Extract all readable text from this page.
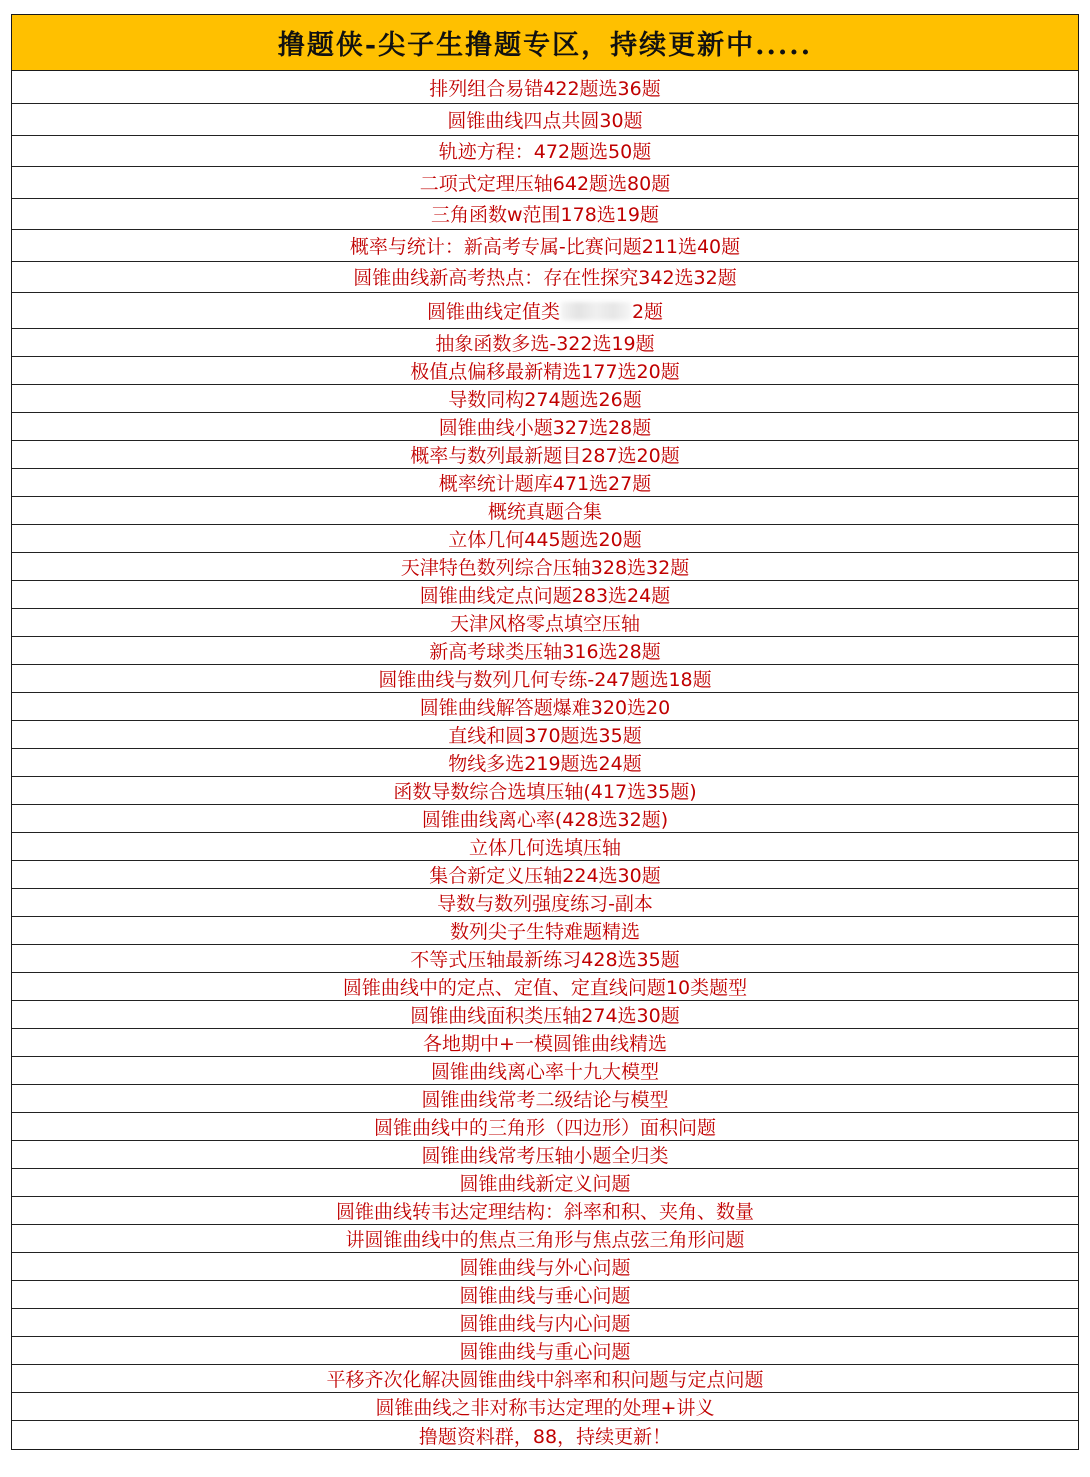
撸题侠-尖子生撸题专区，持续更新中.....
排列组合易错422题选36题
圆锥曲线四点共圆30题
轨迹方程：472题选50题
二项式定理压轴642题选80题
三角函数w范围178选19题
概率与统计：新高考专属-比赛问题211选40题
圆锥曲线新高考热点：存在性探究342选32题
圆锥曲线定值类	2题
抽象函数多选-322选19题
极值点偏移最新精选177选20题
导数同构274题选26题
圆锥曲线小题327选28题
概率与数列最新题目287选20题
概率统计题库471选27题
概统真题合集
立体几何445题选20题
天津特色数列综合压轴328选32题
圆锥曲线定点问题283选24题
天津风格零点填空压轴
新高考球类压轴316选28题
圆锥曲线与数列几何专练-247题选18题
圆锥曲线解答题爆难320选20
直线和圆370题选35题
物线多选219题选24题
函数导数综合选填压轴(417选35题)
圆锥曲线离心率(428选32题)
立体几何选填压轴
集合新定义压轴224选30题
导数与数列强度练习-副本
数列尖子生特难题精选
不等式压轴最新练习428选35题
圆锥曲线中的定点、定值、定直线问题10类题型
圆锥曲线面积类压轴274选30题
各地期中+一模圆锥曲线精选
圆锥曲线离心率十九大模型
圆锥曲线常考二级结论与模型
圆锥曲线中的三角形（四边形）面积问题
圆锥曲线常考压轴小题全归类
圆锥曲线新定义问题
圆锥曲线转韦达定理结构：斜率和积、夹角、数量
讲圆锥曲线中的焦点三角形与焦点弦三角形问题
圆锥曲线与外心问题
圆锥曲线与垂心问题
圆锥曲线与内心问题
圆锥曲线与重心问题
平移齐次化解决圆锥曲线中斜率和积问题与定点问题
圆锥曲线之非对称韦达定理的处理+讲义
撸题资料群，88，持续更新！
